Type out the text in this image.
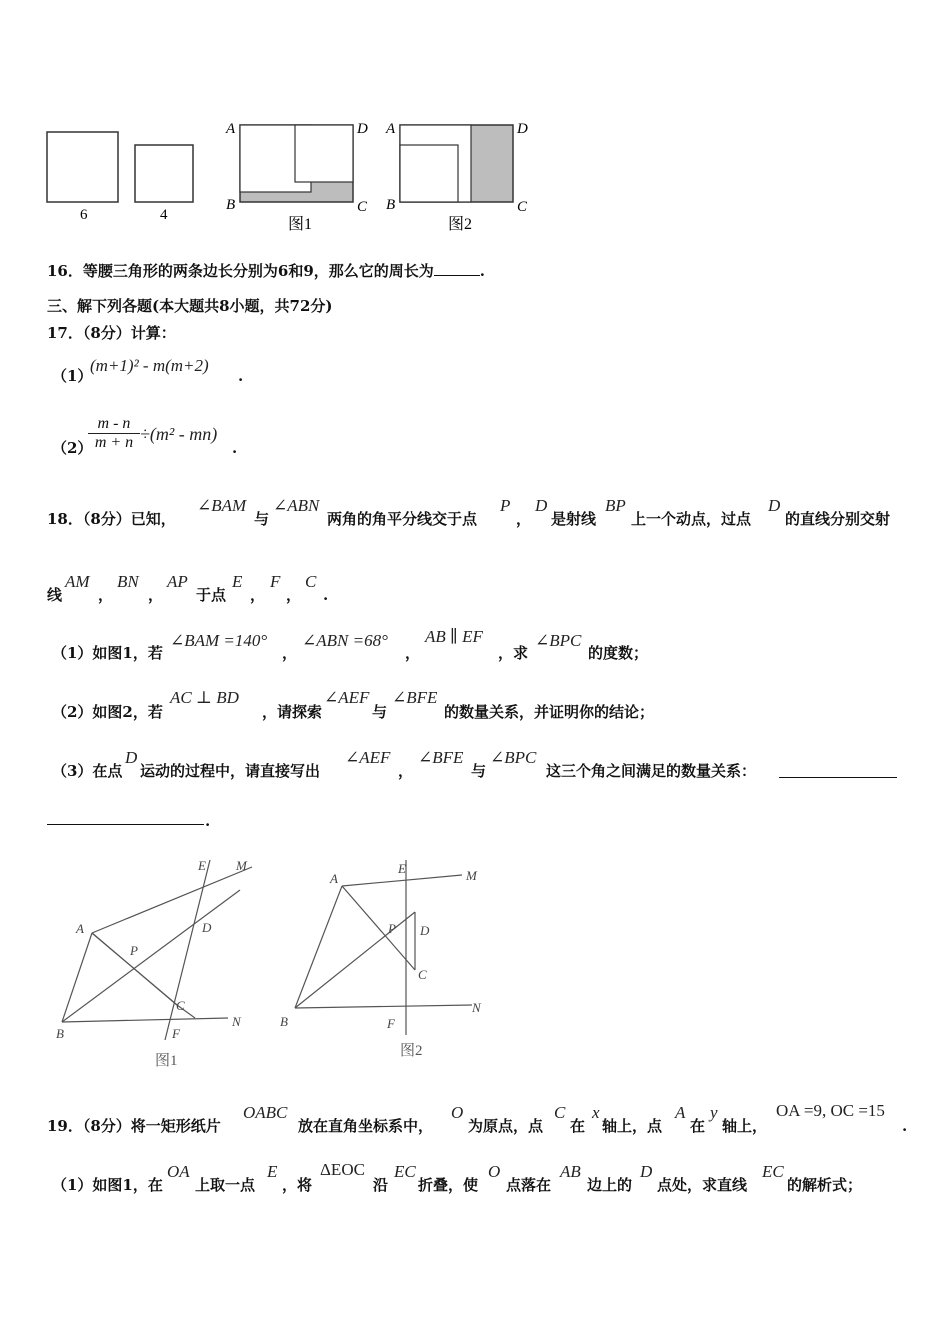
6	4
A	D
B	C
图1
A	D
B	C
图2
16．等腰三角形的两条边长分别为6和9，那么它的周长为	.
三、解下列各题(本大题共8小题，共72分)
17．（8分）计算：
（1）
(m+1)² - m(m+2)
.
（2）
$\frac{m - n}{m + n} \div(m^2 - mn)$
.
18．（8分）已知，
∠BAM
与
∠ABN
两角的角平分线交于点
P
，
D
是射线
BP
上一个动点，过点
D
的直线分别交射
线
AM
，
BN
，
AP
于点
E
，
F
，
C
.
（1）如图1，若
∠BAM =140°
，
∠ABN =68°
，
AB ∥ EF
，求
∠BPC
的度数；
（2）如图2，若
AC ⊥ BD
，请探索
∠AEF
与
∠BFE
的数量关系，并证明你的结论；
（3）在点
D
运动的过程中，请直接写出
∠AEF
，
∠BFE
与
∠BPC
这三个角之间满足的数量关系：
.
E M
A	D
P
C
B	F
N
图1
A
E	M
P D
C
B	F
N
图2
19．（8分）将一矩形纸片
OABC
放在直角坐标系中，
O
为原点，点
C
在
x
轴上，点
A
在
y
轴上，
OA =9, OC =15
.
（1）如图1，在
OA
上取一点
E
，将
ΔEOC
沿
EC
折叠，使
O
点落在
AB
边上的
D
点处，求直线
EC
的解析式；
